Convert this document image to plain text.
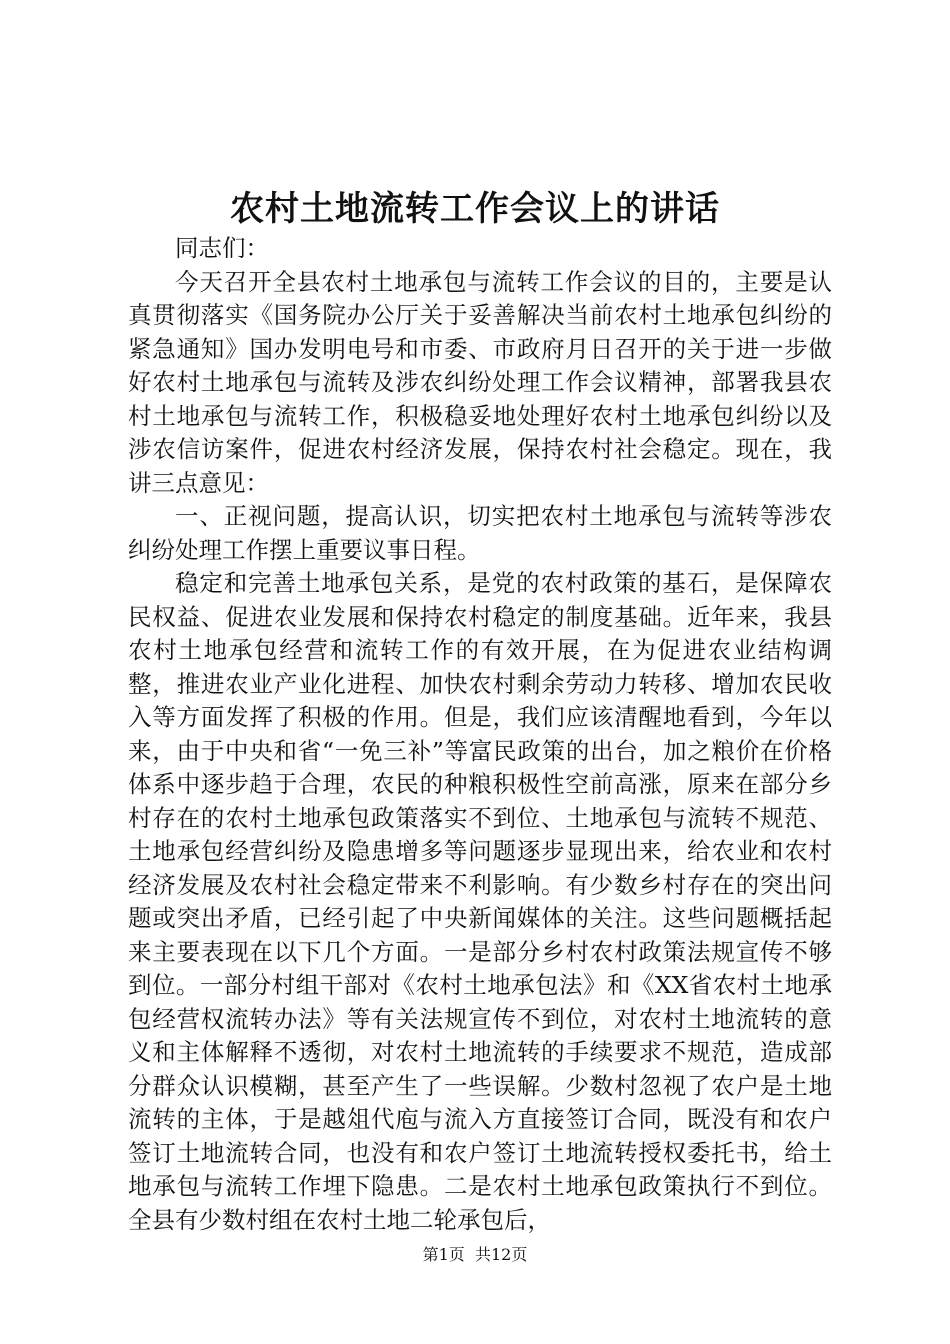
农村土地流转工作会议上的讲话

同志们：

今天召开全县农村土地承包与流转工作会议的目的，主要是认真贯彻落实《国务院办公厅关于妥善解决当前农村土地承包纠纷的紧急通知》国办发明电号和市委、市政府月日召开的关于进一步做好农村土地承包与流转及涉农纠纷处理工作会议精神，部署我县农村土地承包与流转工作，积极稳妥地处理好农村土地承包纠纷以及涉农信访案件，促进农村经济发展，保持农村社会稳定。现在，我讲三点意见：

一、正视问题，提高认识，切实把农村土地承包与流转等涉农纠纷处理工作摆上重要议事日程。

稳定和完善土地承包关系，是党的农村政策的基石，是保障农民权益、促进农业发展和保持农村稳定的制度基础。近年来，我县农村土地承包经营和流转工作的有效开展，在为促进农业结构调整，推进农业产业化进程、加快农村剩余劳动力转移、增加农民收入等方面发挥了积极的作用。但是，我们应该清醒地看到，今年以来，由于中央和省“一免三补”等富民政策的出台，加之粮价在价格体系中逐步趋于合理，农民的种粮积极性空前高涨，原来在部分乡村存在的农村土地承包政策落实不到位、土地承包与流转不规范、土地承包经营纠纷及隐患增多等问题逐步显现出来，给农业和农村经济发展及农村社会稳定带来不利影响。有少数乡村存在的突出问题或突出矛盾，已经引起了中央新闻媒体的关注。这些问题概括起来主要表现在以下几个方面。一是部分乡村农村政策法规宣传不够到位。一部分村组干部对《农村土地承包法》和《XX省农村土地承包经营权流转办法》等有关法规宣传不到位，对农村土地流转的意义和主体解释不透彻，对农村土地流转的手续要求不规范，造成部分群众认识模糊，甚至产生了一些误解。少数村忽视了农户是土地流转的主体，于是越俎代庖与流入方直接签订合同，既没有和农户签订土地流转合同，也没有和农户签订土地流转授权委托书，给土地承包与流转工作埋下隐患。二是农村土地承包政策执行不到位。全县有少数村组在农村土地二轮承包后，

第1页 共12页
